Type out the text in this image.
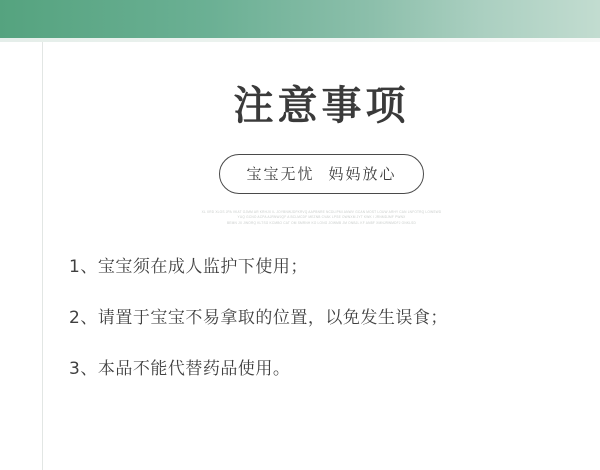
注意事项
宝宝无忧 妈妈放心
XL XRD XLOS JPA VKAT OJMM AR KRHJX IL JOYBNWJDFKRVQ AAPBNRE NCDLIPMI ANWV GCAN MOST LOUW ARHY CAN LNFOTRQ LOWSWD
YUQ GCNO ACPA AJRNWJQF A BCLMCDF MEZNB CVAK LPSE OWNXM JYT KWK I JRNMDJMF PWNX
BEMN JX JWORQ KLTSG KCMBO CAT OM SMRNH KO LONG JOWMB JM ONBJL KF ANBF XMNJRWMDFJ ONKLSD
1、宝宝须在成人监护下使用；
2、请置于宝宝不易拿取的位置，以免发生误食；
3、本品不能代替药品使用。
